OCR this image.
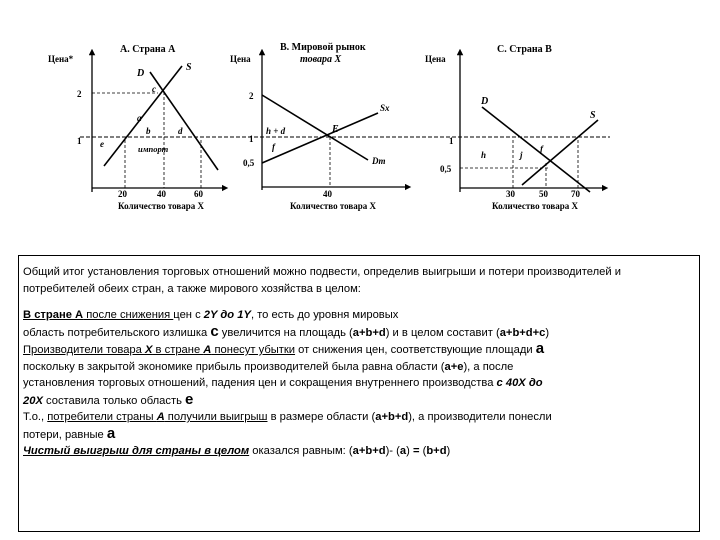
А. Страна А
Цена*
2
1
20	40	60
D
S
c
a
b	d
e	импорт
Количество товара X
В. Мировой рынок
товара X
Цена
2
1
0,5
40
Sx
Dm
E
h + d
f
Количество товара X
С. Страна В
Цена
1
0,5
30	50	70
D
S
h	j
f
Количество товара X

Общий итог установления торговых отношений можно подвести, определив выигрыши и потери производителей и потребителей обеих стран, а также мирового хозяйства в целом:

В стране А после снижения цен с 2Y до 1Y, то есть до уровня мировых

область потребительского излишка с увеличится на площадь (a+b+d) и в целом составит (a+b+d+c)

Производители товара X в стране А понесут убытки от снижения цен, соответствующие площади а

поскольку в закрытой экономике прибыль производителей была равна области (а+е), а после

установления торговых отношений, падения цен и сокращения внутреннего производства с 40Х до

20Х составила только область е

Т.о., потребители страны А получили выигрыш в размере области (a+b+d), а производители понесли

потери, равные а

Чистый выигрыш для страны в целом оказался равным: (a+b+d)- (а) = (b+d)
